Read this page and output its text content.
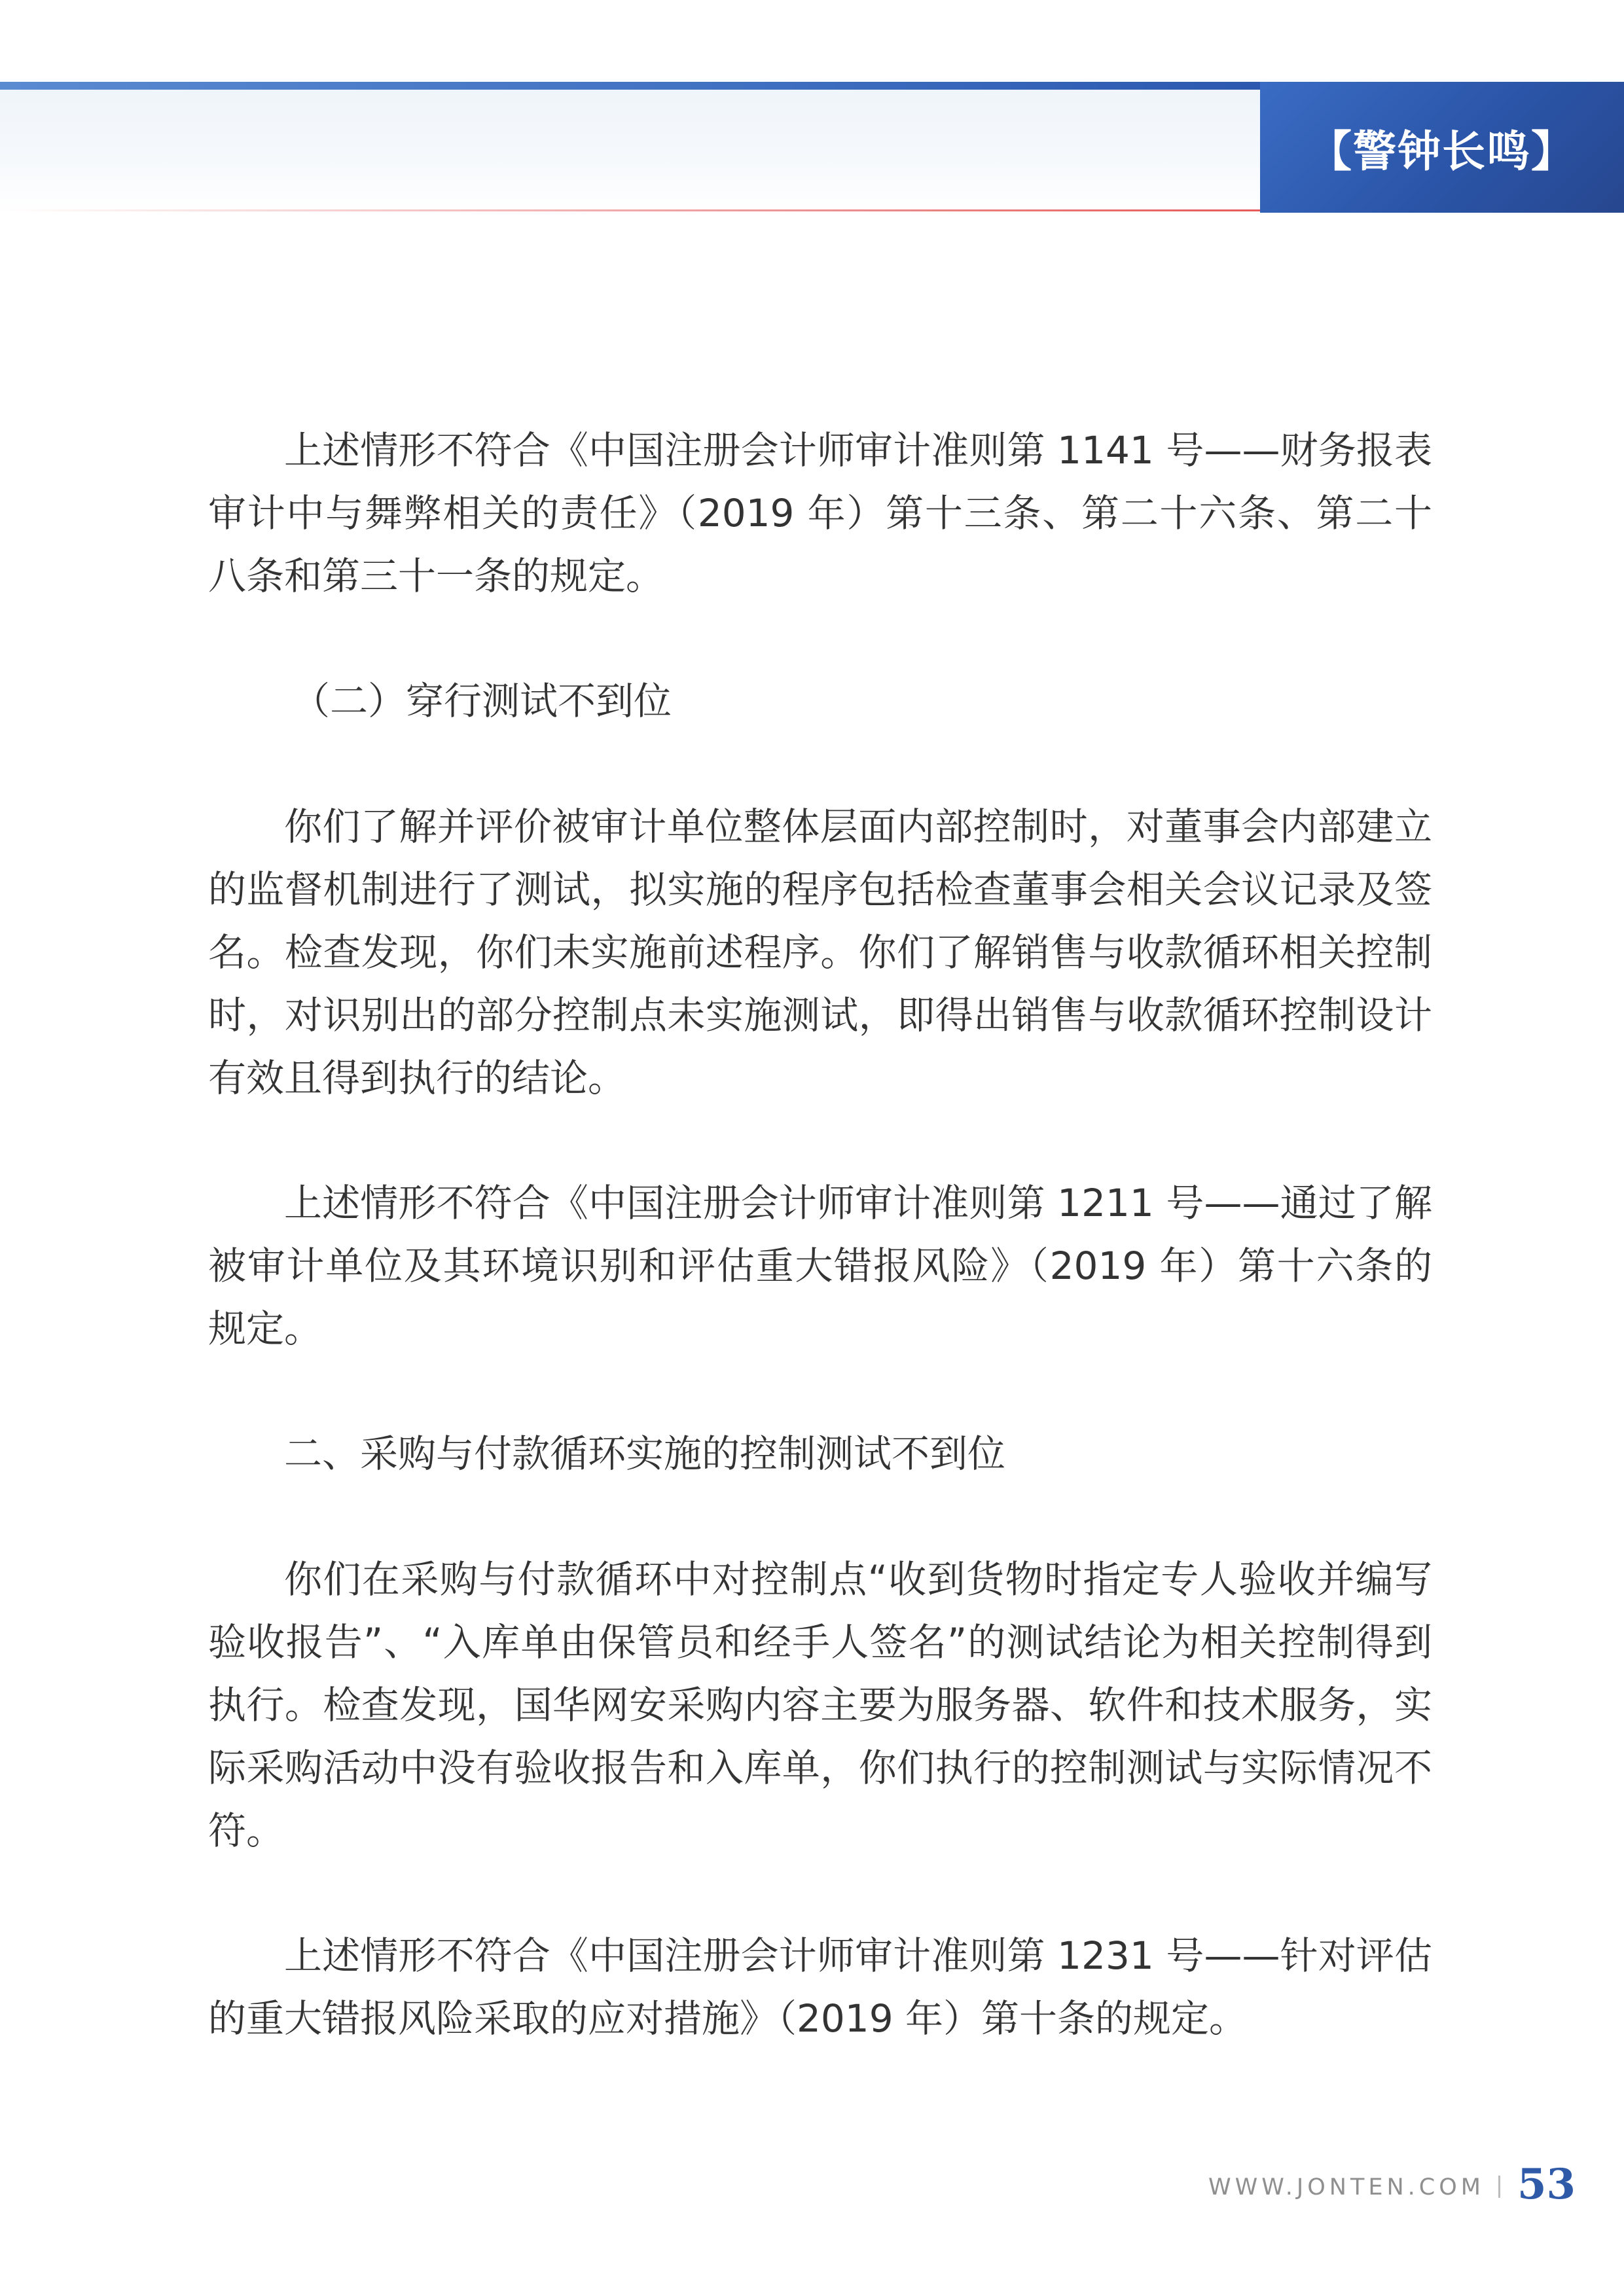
【警钟长鸣】

上述情形不符合《中国注册会计师审计准则第 1141 号——财务报表审计中与舞弊相关的责任》（2019 年）第十三条、第二十六条、第二十八条和第三十一条的规定。

（二）穿行测试不到位

你们了解并评价被审计单位整体层面内部控制时，对董事会内部建立的监督机制进行了测试，拟实施的程序包括检查董事会相关会议记录及签名。检查发现，你们未实施前述程序。你们了解销售与收款循环相关控制时，对识别出的部分控制点未实施测试，即得出销售与收款循环控制设计有效且得到执行的结论。

上述情形不符合《中国注册会计师审计准则第 1211 号——通过了解被审计单位及其环境识别和评估重大错报风险》（2019 年）第十六条的规定。

二、采购与付款循环实施的控制测试不到位

你们在采购与付款循环中对控制点“收到货物时指定专人验收并编写验收报告”、“入库单由保管员和经手人签名”的测试结论为相关控制得到执行。检查发现，国华网安采购内容主要为服务器、软件和技术服务，实际采购活动中没有验收报告和入库单，你们执行的控制测试与实际情况不符。

上述情形不符合《中国注册会计师审计准则第 1231 号——针对评估的重大错报风险采取的应对措施》（2019 年）第十条的规定。

WWW.JONTEN.COM 53
